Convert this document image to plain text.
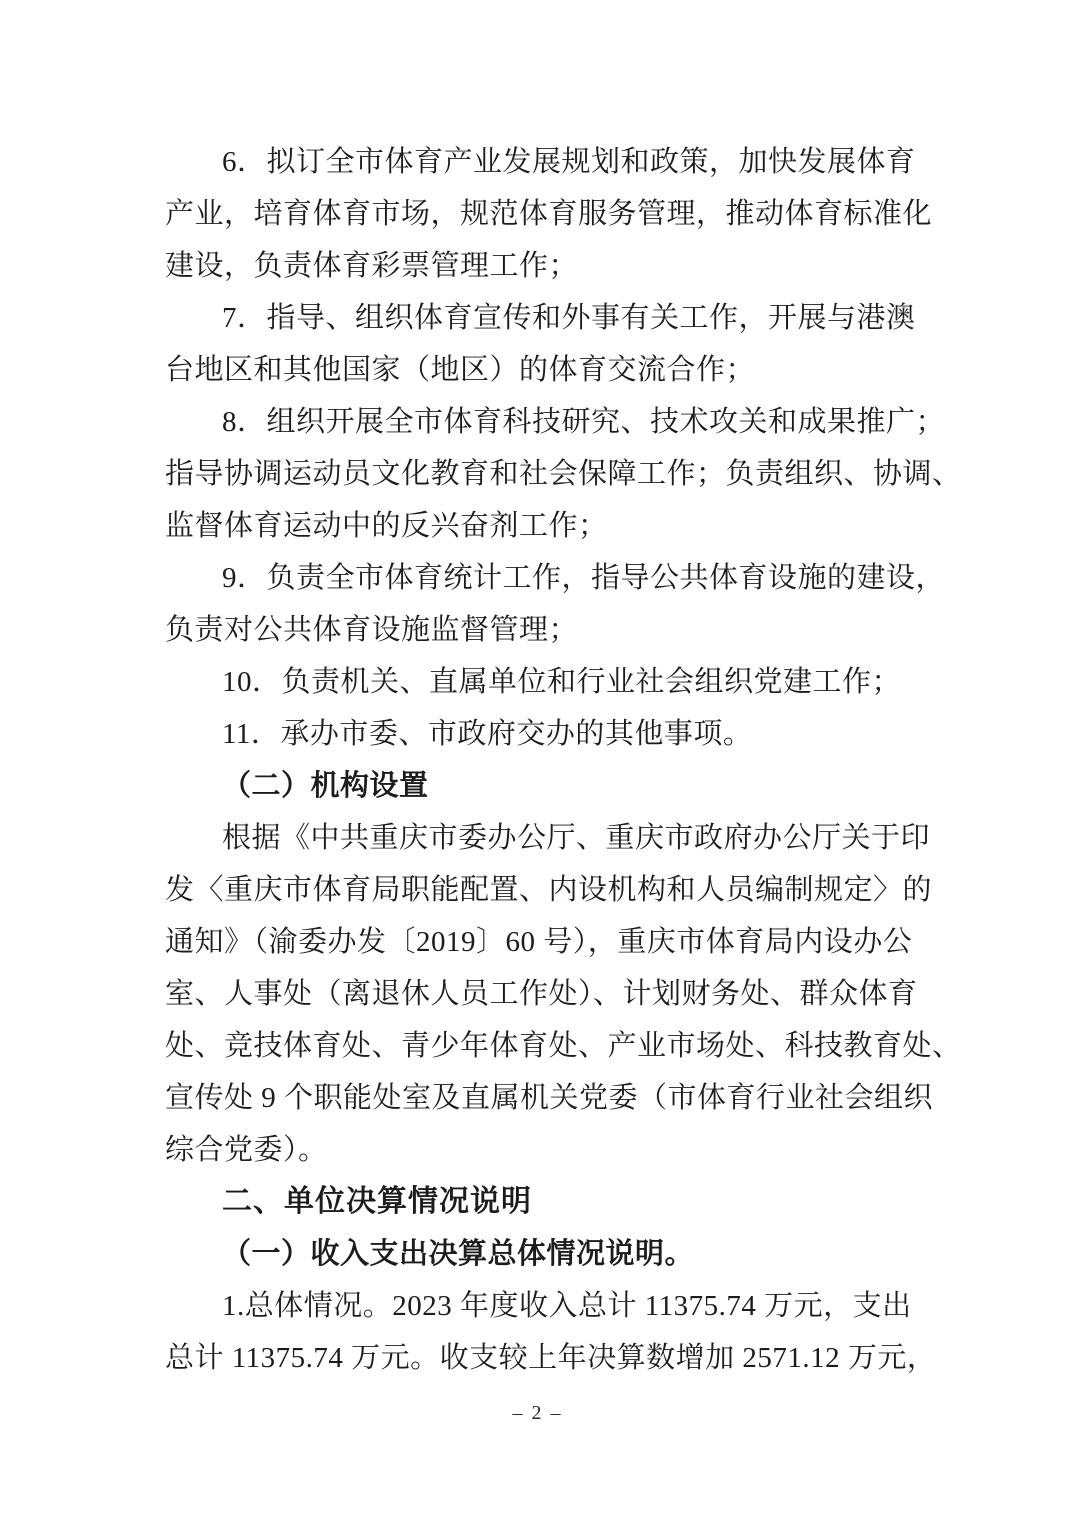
6．拟订全市体育产业发展规划和政策，加快发展体育
产业，培育体育市场，规范体育服务管理，推动体育标准化
建设，负责体育彩票管理工作；
7．指导、组织体育宣传和外事有关工作，开展与港澳
台地区和其他国家（地区）的体育交流合作；
8．组织开展全市体育科技研究、技术攻关和成果推广；
指导协调运动员文化教育和社会保障工作；负责组织、协调、
监督体育运动中的反兴奋剂工作；
9．负责全市体育统计工作，指导公共体育设施的建设，
负责对公共体育设施监督管理；
10．负责机关、直属单位和行业社会组织党建工作；
11．承办市委、市政府交办的其他事项。
（二）机构设置
根据《中共重庆市委办公厅、重庆市政府办公厅关于印
发〈重庆市体育局职能配置、内设机构和人员编制规定〉的
通知》（渝委办发〔2019〕60 号），重庆市体育局内设办公
室、人事处（离退休人员工作处）、计划财务处、群众体育
处、竞技体育处、青少年体育处、产业市场处、科技教育处、
宣传处 9 个职能处室及直属机关党委（市体育行业社会组织
综合党委）。
二、单位决算情况说明
（一）收入支出决算总体情况说明。
1.总体情况。2023 年度收入总计 11375.74 万元，支出
总计 11375.74 万元。收支较上年决算数增加 2571.12 万元，
– 2 –
